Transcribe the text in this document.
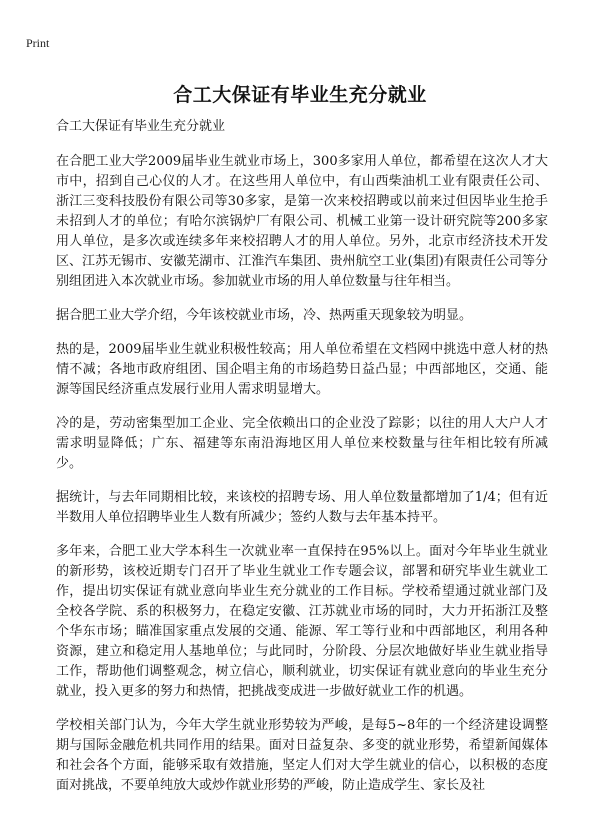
Print
合工大保证有毕业生充分就业

合工大保证有毕业生充分就业

在合肥工业大学2009届毕业生就业市场上，300多家用人单位，都希望在这次人才大市中，招到自己心仪的人才。在这些用人单位中，有山西柴油机工业有限责任公司、浙江三变科技股份有限公司等30多家，是第一次来校招聘或以前来过但因毕业生抢手未招到人才的单位；有哈尔滨锅炉厂有限公司、机械工业第一设计研究院等200多家用人单位，是多次或连续多年来校招聘人才的用人单位。另外，北京市经济技术开发区、江苏无锡市、安徽芜湖市、江淮汽车集团、贵州航空工业(集团)有限责任公司等分别组团进入本次就业市场。参加就业市场的用人单位数量与往年相当。

据合肥工业大学介绍，今年该校就业市场，冷、热两重天现象较为明显。

热的是，2009届毕业生就业积极性较高；用人单位希望在文档网中挑选中意人材的热情不减；各地市政府组团、国企唱主角的市场趋势日益凸显；中西部地区，交通、能源等国民经济重点发展行业用人需求明显增大。

冷的是，劳动密集型加工企业、完全依赖出口的企业没了踪影；以往的用人大户人才需求明显降低；广东、福建等东南沿海地区用人单位来校数量与往年相比较有所减少。

据统计，与去年同期相比较，来该校的招聘专场、用人单位数量都增加了1/4；但有近半数用人单位招聘毕业生人数有所减少；签约人数与去年基本持平。

多年来，合肥工业大学本科生一次就业率一直保持在95%以上。面对今年毕业生就业的新形势，该校近期专门召开了毕业生就业工作专题会议，部署和研究毕业生就业工作，提出切实保证有就业意向毕业生充分就业的工作目标。学校希望通过就业部门及全校各学院、系的积极努力，在稳定安徽、江苏就业市场的同时，大力开拓浙江及整个华东市场；瞄准国家重点发展的交通、能源、军工等行业和中西部地区，利用各种资源，建立和稳定用人基地单位；与此同时，分阶段、分层次地做好毕业生就业指导工作，帮助他们调整观念，树立信心，顺利就业，切实保证有就业意向的毕业生充分就业，投入更多的努力和热情，把挑战变成进一步做好就业工作的机遇。

学校相关部门认为，今年大学生就业形势较为严峻，是每5~8年的一个经济建设调整期与国际金融危机共同作用的结果。面对日益复杂、多变的就业形势，希望新闻媒体和社会各个方面，能够采取有效措施，坚定人们对大学生就业的信心，以积极的态度面对挑战，不要单纯放大或炒作就业形势的严峻，防止造成学生、家长及社
